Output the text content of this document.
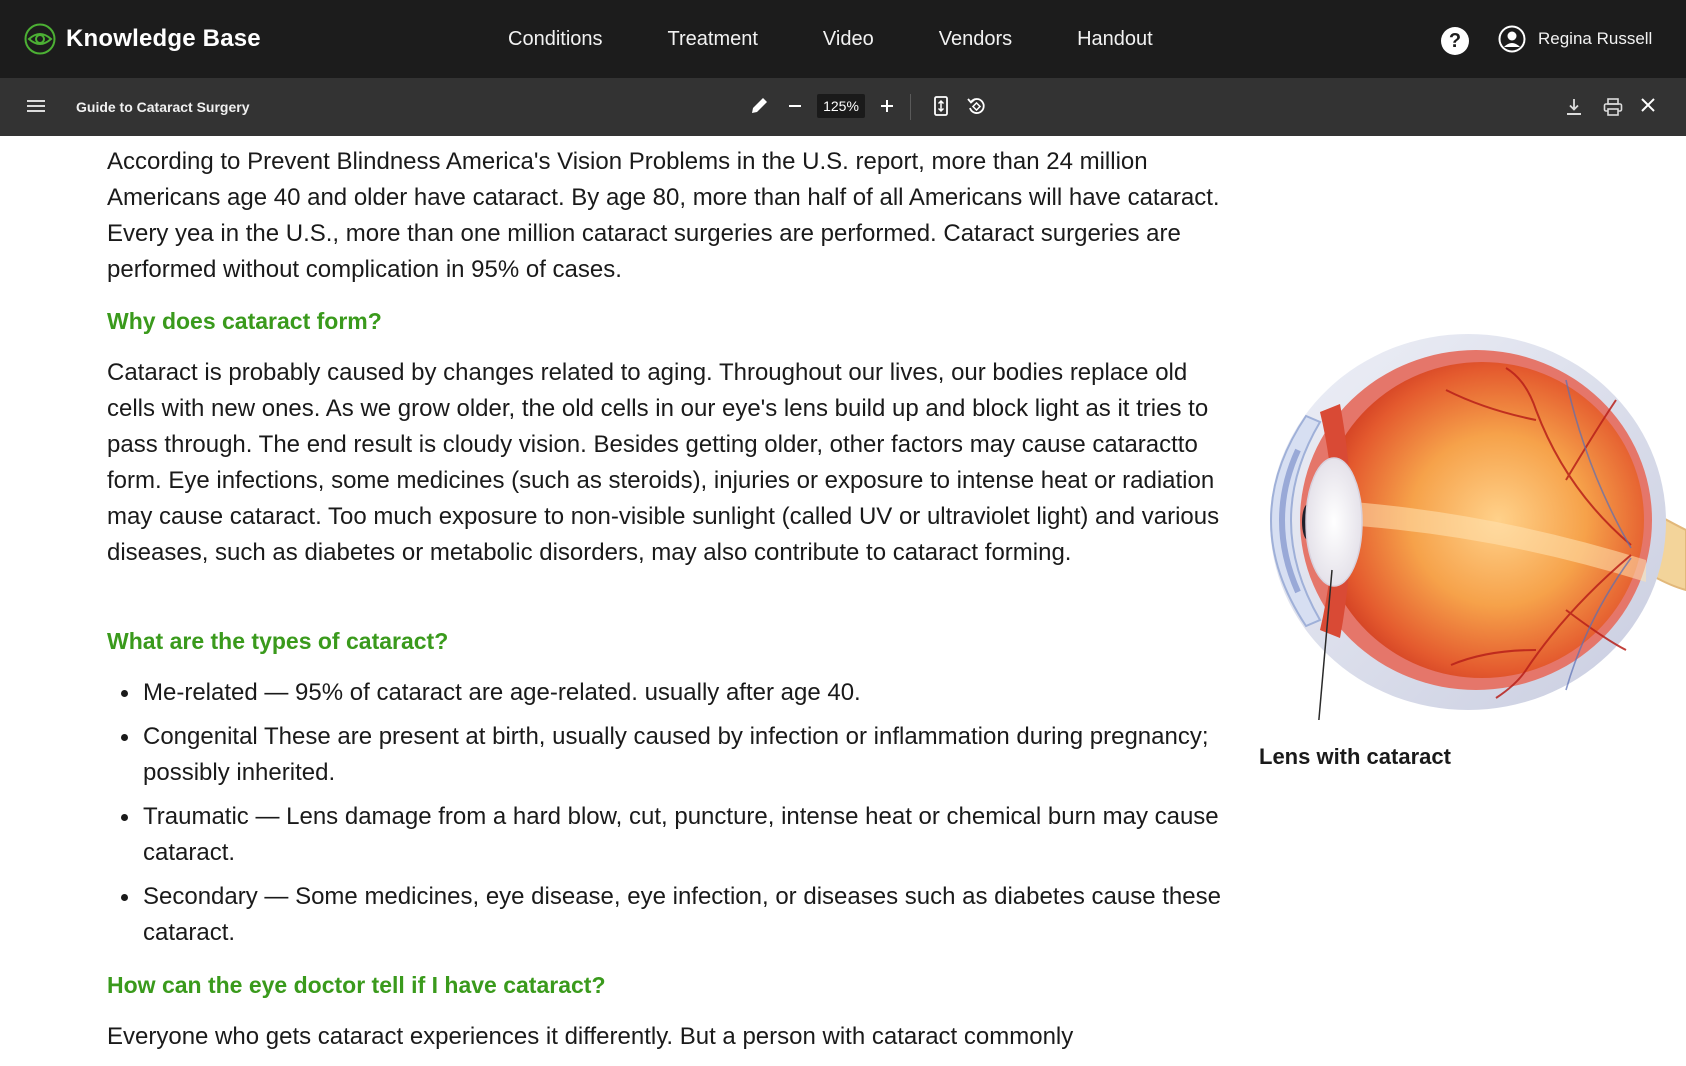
Knowledge Base	Conditions	Treatment	Video	Vendors	Handout	?	Regina Russell
Guide to Cataract Surgery	125%

According to Prevent Blindness America's Vision Problems in the U.S. report, more than 24 million Americans age 40 and older have cataract. By age 80, more than half of all Americans will have cataract. Every yea in the U.S., more than one million cataract surgeries are performed. Cataract surgeries are performed without complication in 95% of cases.

Why does cataract form?

Cataract is probably caused by changes related to aging. Throughout our lives, our bodies replace old cells with new ones. As we grow older, the old cells in our eye's lens build up and block light as it tries to pass through. The end result is cloudy vision. Besides getting older, other factors may cause cataractto form. Eye infections, some medicines (such as steroids), injuries or exposure to intense heat or radiation may cause cataract. Too much exposure to non-visible sunlight (called UV or ultraviolet light) and various diseases, such as diabetes or metabolic disorders, may also contribute to cataract forming.

What are the types of cataract?
Me-related — 95% of cataract are age-related. usually after age 40.
Congenital These are present at birth, usually caused by infection or inflammation during pregnancy; possibly inherited.
Traumatic — Lens damage from a hard blow, cut, puncture, intense heat or chemical burn may cause cataract.
Secondary — Some medicines, eye disease, eye infection, or diseases such as diabetes cause these cataract.
How can the eye doctor tell if I have cataract?

Everyone who gets cataract experiences it differently. But a person with cataract commonly

Lens with cataract
